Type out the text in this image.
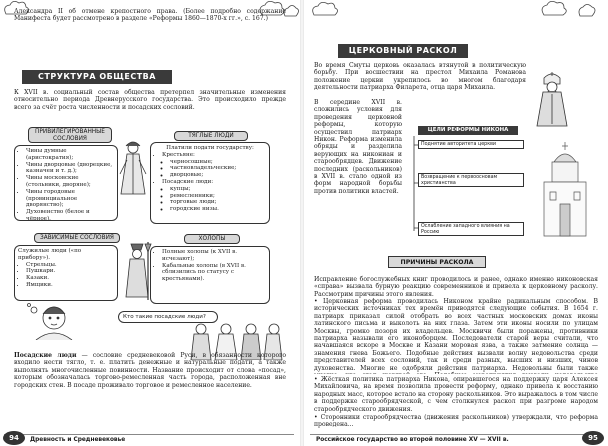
Александра II об отмене крепостного права. (Более подробно содержание Манифеста будет рассмотрено в разделе «Реформы 1860—1870-х гг.», с. 167.)

СТРУКТУРА ОБЩЕСТВА

К XVII в. социальный состав общества претерпел значительные изменения относительно периода Древнерусского государства. Это происходило прежде всего за счёт роста численности и посадских сословий.

ПРИВИЛЕГИРОВАННЫЕ СОСЛОВИЯ
• Чины думные (аристократия);
• Чины дворцовые (дворецкие, казначеи и т. д.);
• Чины московские (стольники, дворяне);
• Чины городовые (провинциальное дворянство);
• Духовенство (белое и чёрное).
ТЯГЛЫЕ ЛЮДИ
Платили подати государству:
• Крестьяне:
◦ черносошные;
◦ частновладельческие;
◦ дворцовые;
• Посадские люди:
◦ купцы;
◦ ремесленники;
◦ торговые люди;
◦ городские низы.
ЗАВИСИМЫЕ СОСЛОВИЯ
Служилые люди («по прибору»).
• Стрельцы.
• Пушкари.
• Казаки.
• Ямщики.
ХОЛОПЫ
• Полные холопы (к XVII в. исчезают);
• Кабальные холопы (в XVII в. сблизились по статусу с крестьянами).
Кто такие посадские люди?

Посадские люди — сословие средневековой Руси, в обязанности которого входило нести тягло, т. е. платить денежные и натуральные подати, а также выполнять многочисленные повинности. Название происходит от слова «посад», которым обозначалась торгово-ремесленная часть города, расположенная вне городских стен. В посаде проживало торговое и ремесленное население.

94	Древность и Средневековье
ЦЕРКОВНЫЙ РАСКОЛ

Во время Смуты церковь оказалась втянутой в политическую борьбу. При восшествии на престол Михаила Романова положение церкви укрепилось во многом благодаря деятельности патриарха Филарета, отца царя Михаила.

В середине XVII в. сложились условия для проведения церковной реформы, которую осуществил патриарх Никон. Реформа изменила обряды и разделила верующих на никониан и старообрядцев. Движение последних (раскольников) в XVII в. стало одной из форм народной борьбы против политики властей.

ЦЕЛИ РЕФОРМЫ НИКОНА
Поднятие авторитета церкви
Возвращение к первоосновам христианства
Ослабление западного влияния на Россию
ПРИЧИНЫ РАСКОЛА

Исправление богослужебных книг проводилось и ранее, однако именно никоновская «справа» вызвала бурную реакцию современников и привела к церковному расколу. Рассмотрим причины этого явления.

• Церковная реформа проводилась Никоном крайне радикальным способом. В исторических источниках тех времён приводятся следующие события. В 1654 г. патриарх приказал силой отобрать во всех частных московских домах иконы латинского письма и выколоть на них глаза. Затем эти иконы носили по улицам Москвы, громко позоря их владельцев. Москвичи были поражены, противники патриарха называли его иконоборцем. Последователи старой веры считали, что начавшаяся вскоре в Москве и Казани моровая язва, а также затмение солнца — знамения гнева Божьего. Подобные действия вызвали волну недовольства среди представителей всех сословий, так и среди разных, высших и низших, чинов духовенства. Многие не одобряли действия патриарха. Недовольны были также

• Жёсткая политика патриарха Никона, опиравшегося на поддержку царя Алексея Михайловича, на время позволила провести реформу, однако привела к восстанию народных масс, которое встало на сторону раскольников. Это выражалось в том числе в поддержке старообрядческой, с чем столкнулся раскол при разгроме народом старообрядческого движения.

• Сторонники старообрядчества (движения раскольников) утверждали, что реформа проведена...

Российское государство во второй половине XV — XVII в.	95
